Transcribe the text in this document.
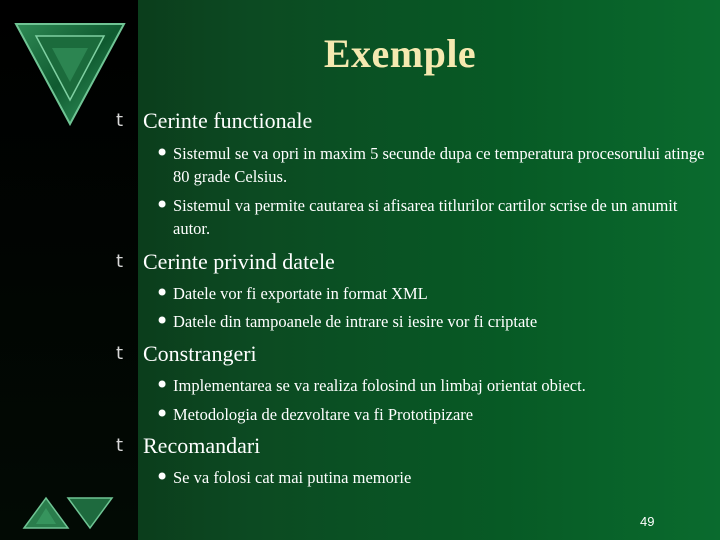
Exemple
t Cerinte functionale
• Sistemul se va opri in maxim 5 secunde dupa ce temperatura procesorului atinge 80 grade Celsius.
• Sistemul va permite cautarea si afisarea titlurilor cartilor scrise de un anumit autor.
t Cerinte privind datele
• Datele vor fi exportate in format XML
• Datele din tampoanele de intrare si iesire vor fi criptate
t Constrangeri
• Implementarea se va realiza folosind un limbaj orientat obiect.
• Metodologia de dezvoltare va fi Prototipizare
t Recomandari
• Se va folosi cat mai putina memorie
49
